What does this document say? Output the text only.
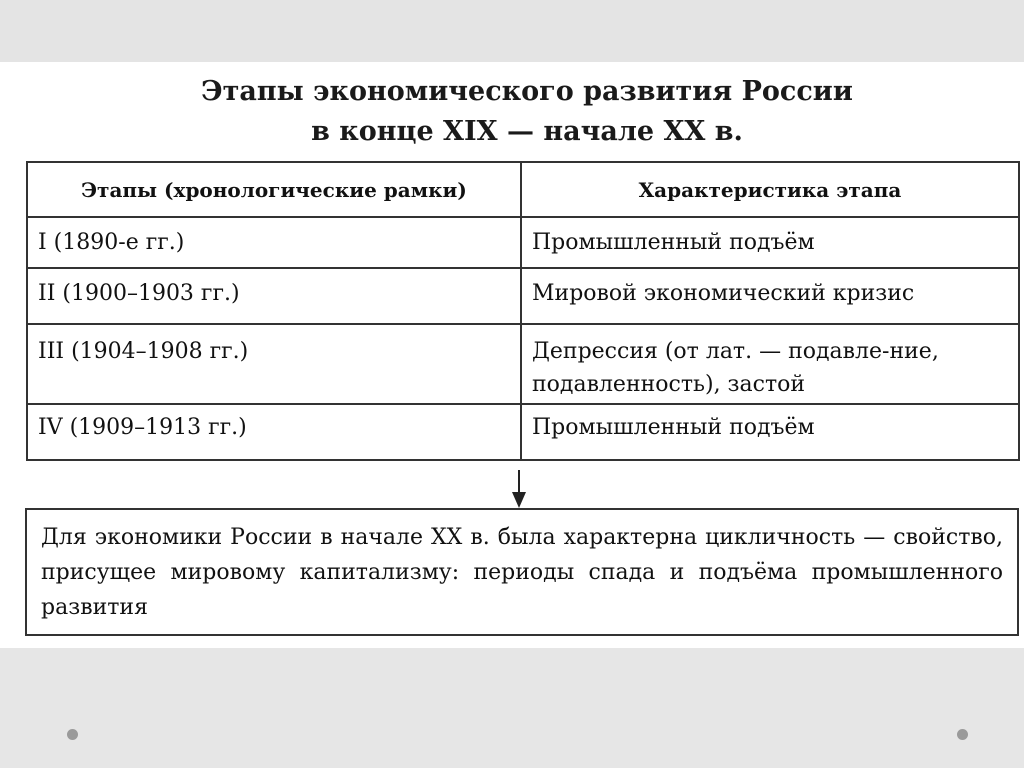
Этапы экономического развития России
в конце XIX — начале XX в.
Этапы (хронологические рамки)	Характеристика этапа
I (1890-е гг.)	Промышленный подъём
II (1900–1903 гг.)	Мировой экономический кризис
III (1904–1908 гг.)	Депрессия (от лат. — подавле-ние, подавленность), застой
IV (1909–1913 гг.)	Промышленный подъём
Для экономики России в начале XX в. была характерна цикличность — свойство, присущее мировому капитализму: периоды спада и подъёма промышленного развития
